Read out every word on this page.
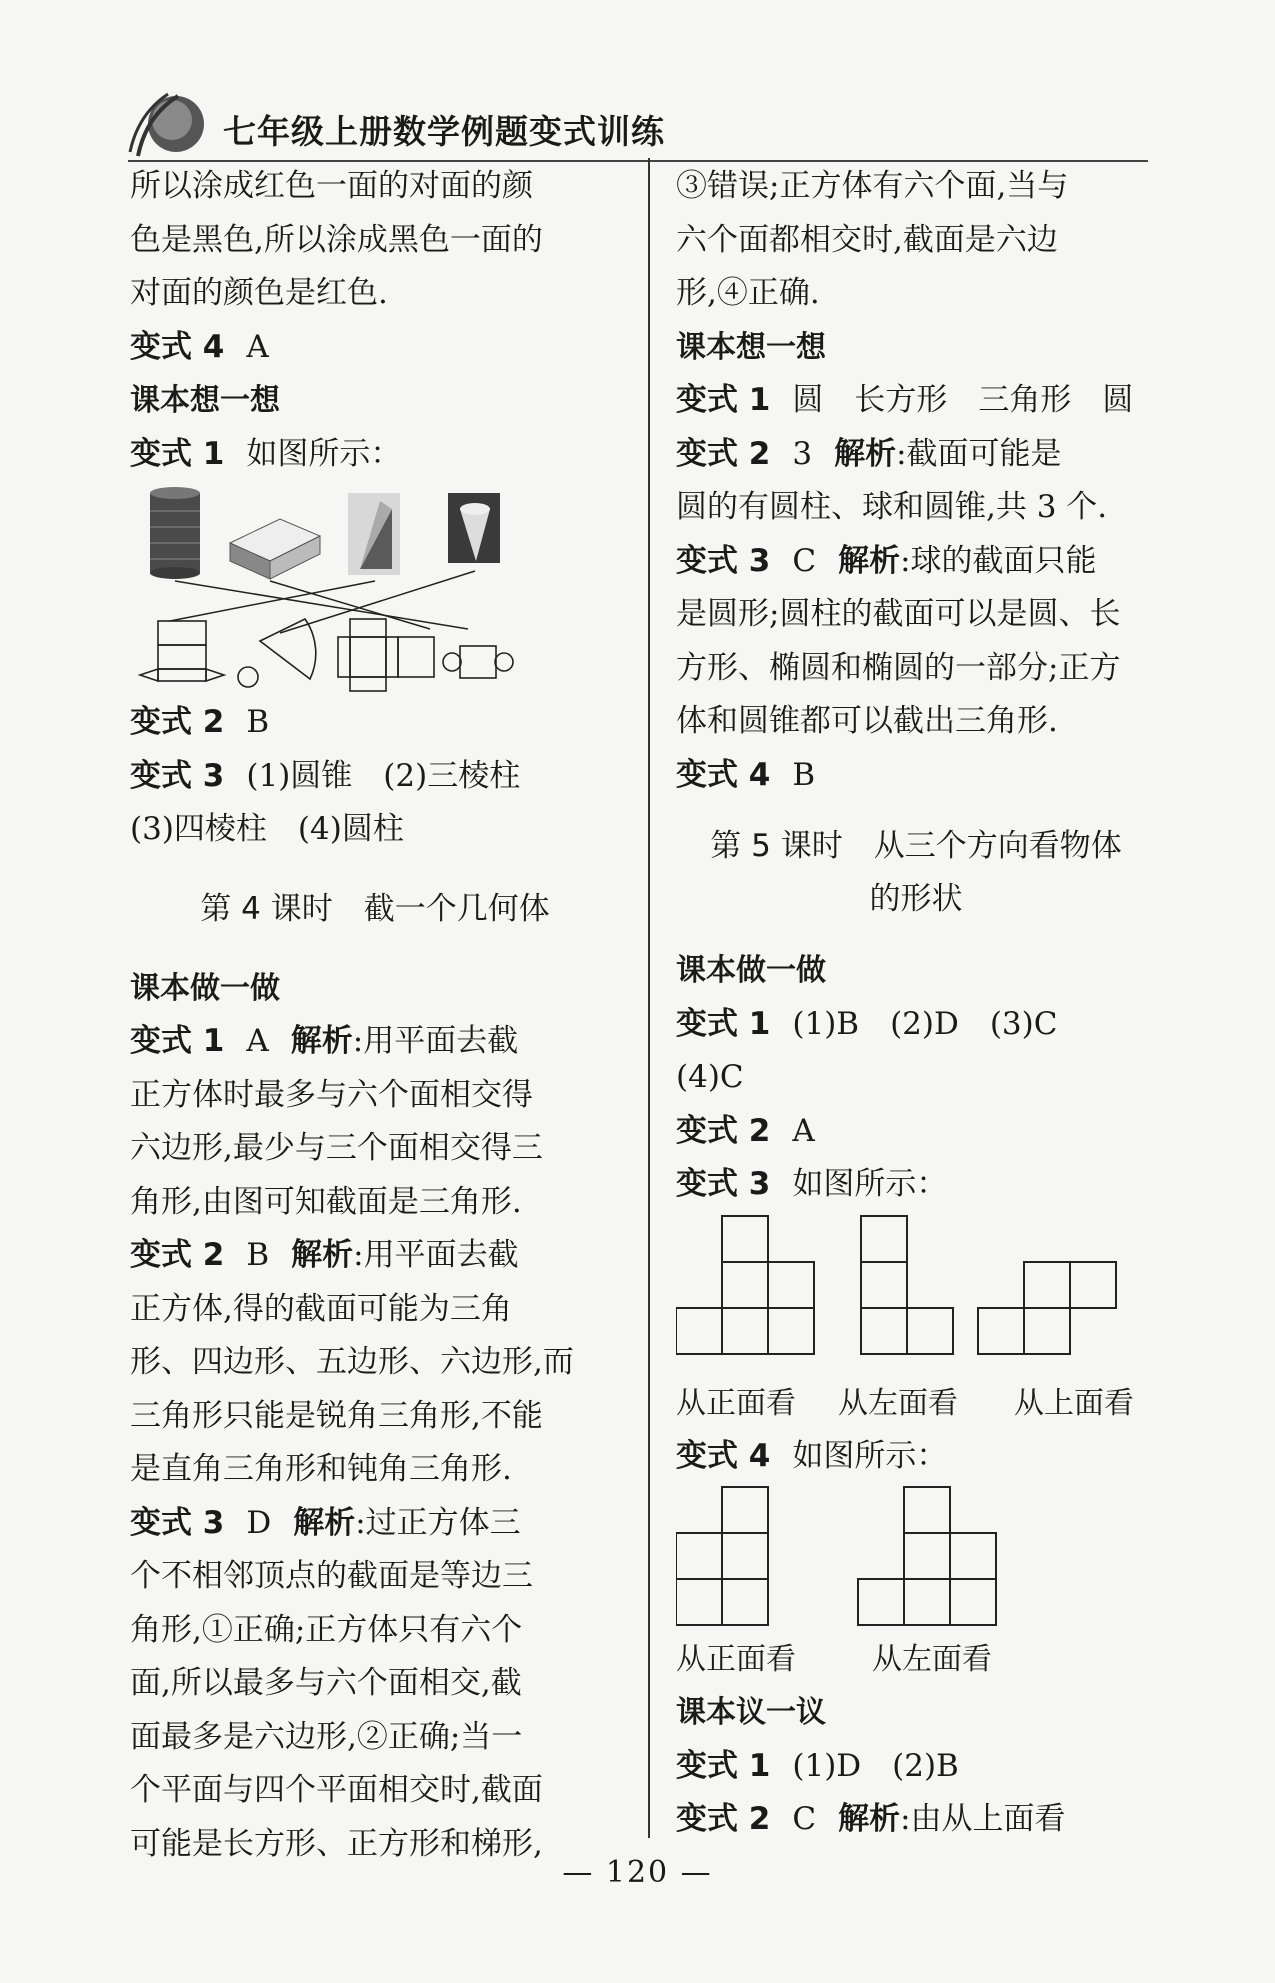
七年级上册数学例题变式训练
所以涂成红色一面的对面的颜
色是黑色,所以涂成黑色一面的
对面的颜色是红色.
变式 4 A
课本想一想
变式 1 如图所示：
变式 2 B
变式 3 (1)圆锥　(2)三棱柱
(3)四棱柱　(4)圆柱
第 4 课时　截一个几何体
课本做一做
变式 1 A 解析:用平面去截
正方体时最多与六个面相交得
六边形,最少与三个面相交得三
角形,由图可知截面是三角形.
变式 2 B 解析:用平面去截
正方体,得的截面可能为三角
形、四边形、五边形、六边形,而
三角形只能是锐角三角形,不能
是直角三角形和钝角三角形.
变式 3 D 解析:过正方体三
个不相邻顶点的截面是等边三
角形,①正确;正方体只有六个
面,所以最多与六个面相交,截
面最多是六边形,②正确;当一
个平面与四个平面相交时,截面
可能是长方形、正方形和梯形,
③错误;正方体有六个面,当与
六个面都相交时,截面是六边
形,④正确.
课本想一想
变式 1 圆　长方形　三角形　圆
变式 2 3 解析:截面可能是
圆的有圆柱、球和圆锥,共 3 个.
变式 3 C 解析:球的截面只能
是圆形;圆柱的截面可以是圆、长
方形、椭圆和椭圆的一部分;正方
体和圆锥都可以截出三角形.
变式 4 B
第 5 课时　从三个方向看物体
的形状
课本做一做
变式 1 (1)B　(2)D　(3)C
(4)C
变式 2 A
变式 3 如图所示：
从正面看 从左面看 从上面看
变式 4 如图所示：
从正面看	从左面看
课本议一议
变式 1 (1)D　(2)B
变式 2 C 解析:由从上面看
— 120 —
